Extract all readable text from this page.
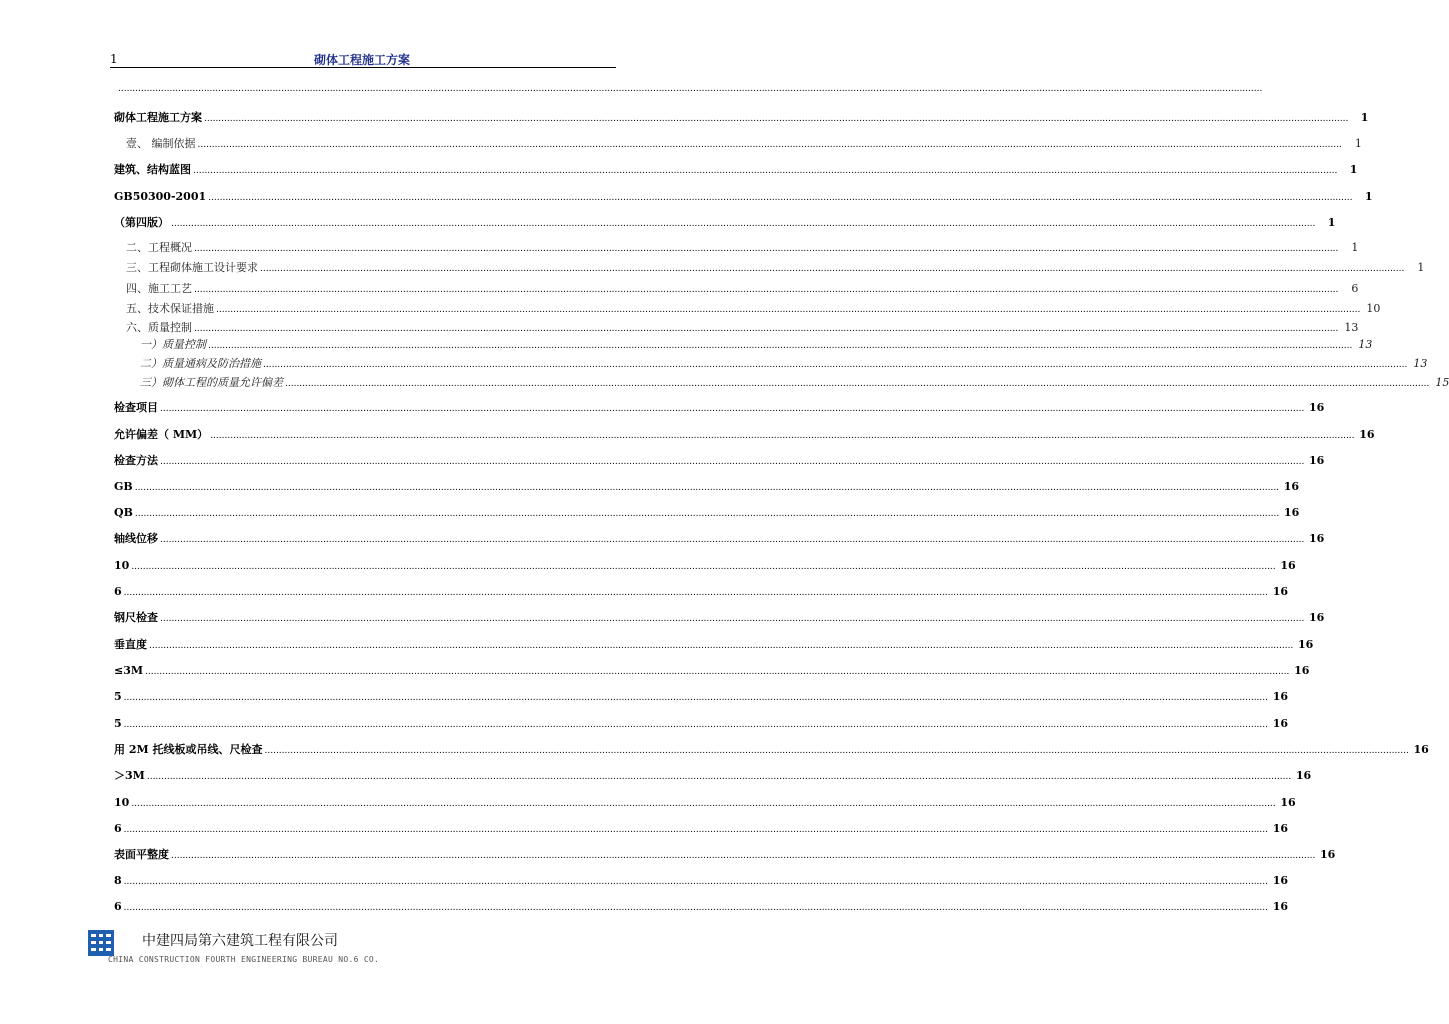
1	砌体工程施工方案
................................................................................................................................................................................................................................................................................................................................................................................................................
砌体工程施工方案 ................................................................................................................................................................................................................................................................................................................................................................................................................	1
壹、 编制依据 ................................................................................................................................................................................................................................................................................................................................................................................................................	1
建筑、结构蓝图 ................................................................................................................................................................................................................................................................................................................................................................................................................	1
GB50300-2001 ................................................................................................................................................................................................................................................................................................................................................................................................................	1
（第四版） ................................................................................................................................................................................................................................................................................................................................................................................................................	1
二、工程概况 ................................................................................................................................................................................................................................................................................................................................................................................................................	1
三、工程砌体施工设计要求 ................................................................................................................................................................................................................................................................................................................................................................................................................	1
四、施工工艺 ................................................................................................................................................................................................................................................................................................................................................................................................................	6
五、技术保证措施 ................................................................................................................................................................................................................................................................................................................................................................................................................ 10
六、质量控制 ................................................................................................................................................................................................................................................................................................................................................................................................................ 13
一）质量控制 ................................................................................................................................................................................................................................................................................................................................................................................................................ 13
二）质量通病及防治措施 ................................................................................................................................................................................................................................................................................................................................................................................................................ 13
三）砌体工程的质量允许偏差 ................................................................................................................................................................................................................................................................................................................................................................................................................ 15
检查项目 ................................................................................................................................................................................................................................................................................................................................................................................................................ 16
允许偏差（ MM） ................................................................................................................................................................................................................................................................................................................................................................................................................ 16
检查方法 ................................................................................................................................................................................................................................................................................................................................................................................................................ 16
GB ................................................................................................................................................................................................................................................................................................................................................................................................................ 16
QB ................................................................................................................................................................................................................................................................................................................................................................................................................ 16
轴线位移 ................................................................................................................................................................................................................................................................................................................................................................................................................ 16
10 ................................................................................................................................................................................................................................................................................................................................................................................................................ 16
6 ................................................................................................................................................................................................................................................................................................................................................................................................................ 16
钢尺检查 ................................................................................................................................................................................................................................................................................................................................................................................................................ 16
垂直度 ................................................................................................................................................................................................................................................................................................................................................................................................................ 16
≤3M ................................................................................................................................................................................................................................................................................................................................................................................................................ 16
5 ................................................................................................................................................................................................................................................................................................................................................................................................................ 16
5 ................................................................................................................................................................................................................................................................................................................................................................................................................ 16
用 2M 托线板或吊线、尺检查 ................................................................................................................................................................................................................................................................................................................................................................................................................ 16
＞3M ................................................................................................................................................................................................................................................................................................................................................................................................................ 16
10 ................................................................................................................................................................................................................................................................................................................................................................................................................ 16
6 ................................................................................................................................................................................................................................................................................................................................................................................................................ 16
表面平整度 ................................................................................................................................................................................................................................................................................................................................................................................................................ 16
8 ................................................................................................................................................................................................................................................................................................................................................................................................................ 16
6 ................................................................................................................................................................................................................................................................................................................................................................................................................ 16
中建四局第六建筑工程有限公司
CHINA CONSTRUCTION FOURTH ENGINEERING BUREAU NO.6 CO.
